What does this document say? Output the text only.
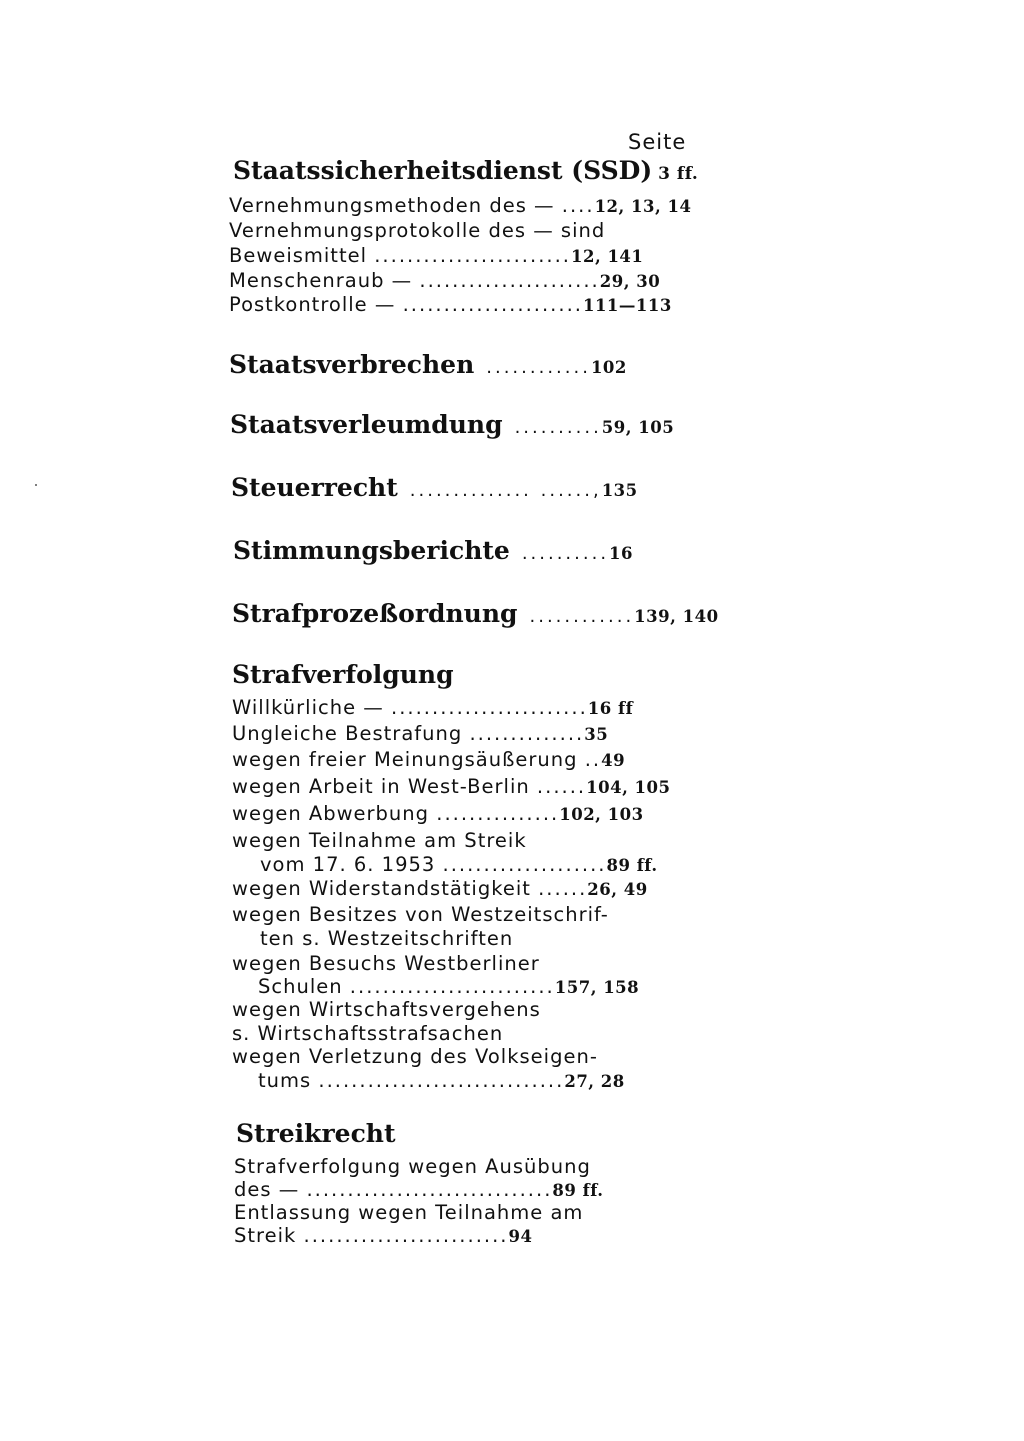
Seite
Staatssicherheitsdienst (SSD) 3 ff.
Vernehmungsmethoden des — ....12, 13, 14
Vernehmungsprotokolle des — sind
Beweismittel ........................12, 141
Menschenraub — ......................29, 30
Postkontrolle — ......................111—113
Staatsverbrechen ............102
Staatsverleumdung ..........59, 105
Steuerrecht .............. ......,135
Stimmungsberichte ..........16
Strafprozeßordnung ............139, 140
Strafverfolgung
Willkürliche — ........................16 ff
Ungleiche Bestrafung ..............35
wegen freier Meinungsäußerung ..49
wegen Arbeit in West-Berlin ......104, 105
wegen Abwerbung ...............102, 103
wegen Teilnahme am Streik
vom 17. 6. 1953 ....................89 ff.
wegen Widerstandstätigkeit ......26, 49
wegen Besitzes von Westzeitschrif-
ten s. Westzeitschriften
wegen Besuchs Westberliner
Schulen .........................157, 158
wegen Wirtschaftsvergehens
s. Wirtschaftsstrafsachen
wegen Verletzung des Volkseigen-
tums ..............................27, 28
Streikrecht
Strafverfolgung wegen Ausübung
des — ..............................89 ff.
Entlassung wegen Teilnahme am
Streik .........................94
